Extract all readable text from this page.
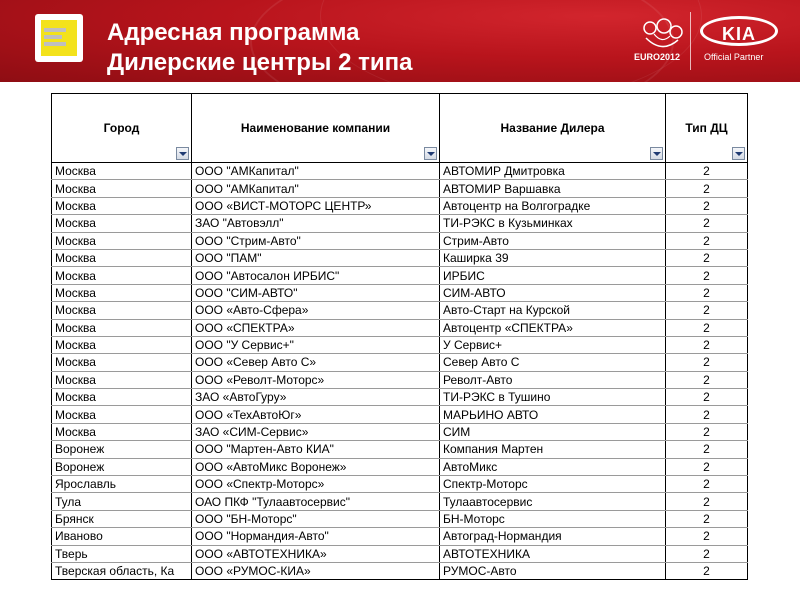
Адресная программа
Дилерские центры 2 типа	EURO2012
KIA
Official Partner
Город	Наименование компании	Название Дилера	Тип ДЦ

Москва	ООО "АМКапитал"	АВТОМИР Дмитровка	2
Москва	ООО "АМКапитал"	АВТОМИР Варшавка	2
Москва	ООО «ВИСТ-МОТОРС ЦЕНТР»	Автоцентр на Волгоградке	2
Москва	ЗАО "Автовэлл"	ТИ-РЭКС в Кузьминках	2
Москва	ООО "Стрим-Авто"	Стрим-Авто	2
Москва	ООО "ПАМ"	Каширка 39	2
Москва	ООО "Автосалон ИРБИС"	ИРБИС	2
Москва	ООО "СИМ-АВТО"	СИМ-АВТО	2
Москва	ООО «Авто-Сфера»	Авто-Старт на Курской	2
Москва	ООО «СПЕКТРА»	Автоцентр «СПЕКТРА»	2
Москва	ООО "У Сервис+"	У Сервис+	2
Москва	ООО «Север Авто С»	Север Авто С	2
Москва	ООО «Револт-Моторс»	Револт-Авто	2
Москва	ЗАО «АвтоГуру»	ТИ-РЭКС в Тушино	2
Москва	ООО «ТехАвтоЮг»	МАРЬИНО АВТО	2
Москва	ЗАО «СИМ-Сервис»	СИМ	2
Воронеж	ООО "Мартен-Авто КИА"	Компания Мартен	2
Воронеж	ООО «АвтоМикс Воронеж»	АвтоМикс	2
Ярославль	ООО «Спектр-Моторс»	Спектр-Моторс	2
Тула	ОАО ПКФ "Тулаавтосервис"	Тулаавтосервис	2
Брянск	ООО "БН-Моторс"	БН-Моторс	2
Иваново	ООО "Нормандия-Авто"	Автоград-Нормандия	2
Тверь	ООО «АВТОТЕХНИКА»	АВТОТЕХНИКА	2
Тверская область, Ка	ООО «РУМОС-КИА»	РУМОС-Авто	2
